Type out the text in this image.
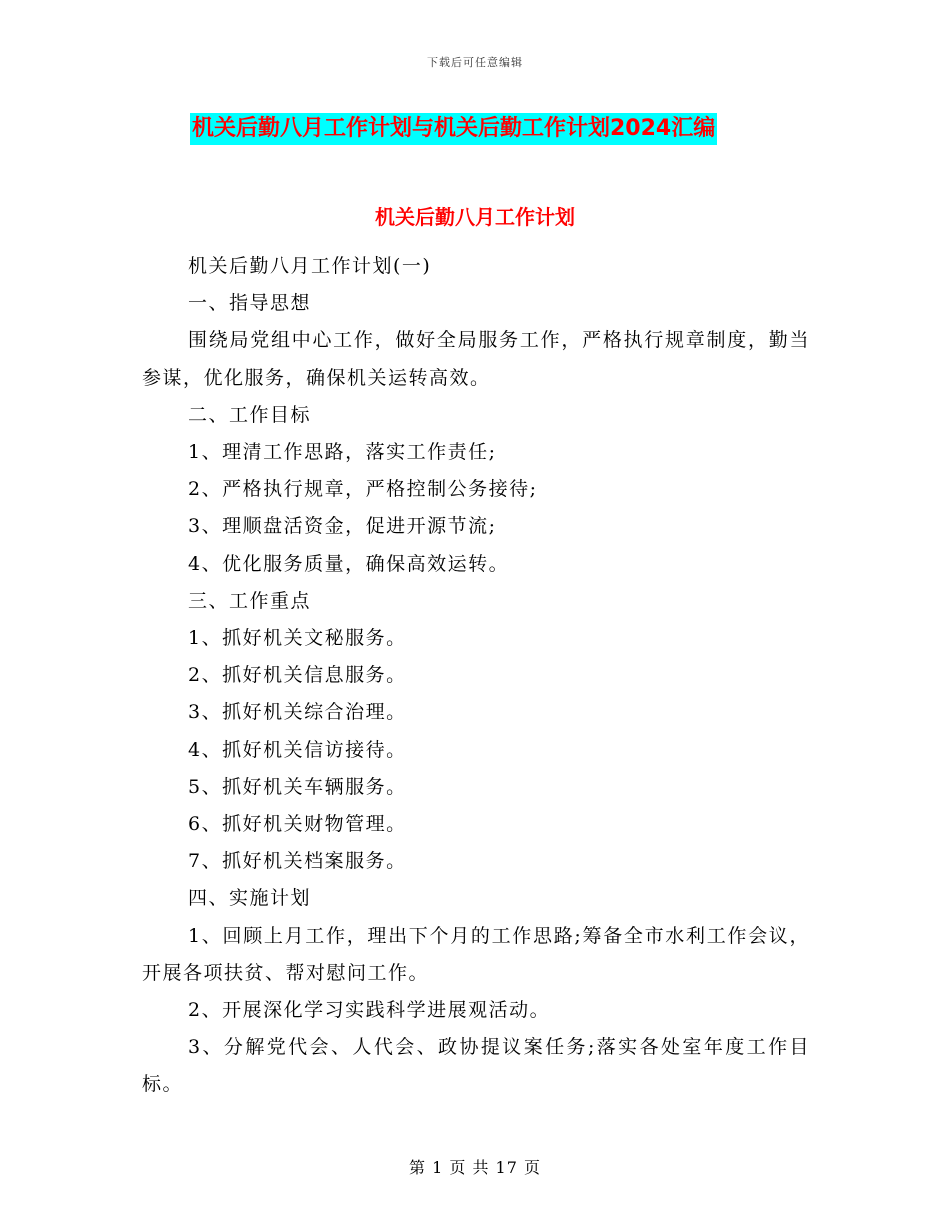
下载后可任意编辑
机关后勤八月工作计划与机关后勤工作计划2024汇编
机关后勤八月工作计划

机关后勤八月工作计划(一)

一、指导思想

围绕局党组中心工作，做好全局服务工作，严格执行规章制度，勤当参谋，优化服务，确保机关运转高效。

二、工作目标

1、理清工作思路，落实工作责任;

2、严格执行规章，严格控制公务接待;

3、理顺盘活资金，促进开源节流;

4、优化服务质量，确保高效运转。

三、工作重点

1、抓好机关文秘服务。

2、抓好机关信息服务。

3、抓好机关综合治理。

4、抓好机关信访接待。

5、抓好机关车辆服务。

6、抓好机关财物管理。

7、抓好机关档案服务。

四、实施计划

1、回顾上月工作，理出下个月的工作思路;筹备全市水利工作会议，开展各项扶贫、帮对慰问工作。

2、开展深化学习实践科学进展观活动。

3、分解党代会、人代会、政协提议案任务;落实各处室年度工作目标。

第 1 页 共 17 页
